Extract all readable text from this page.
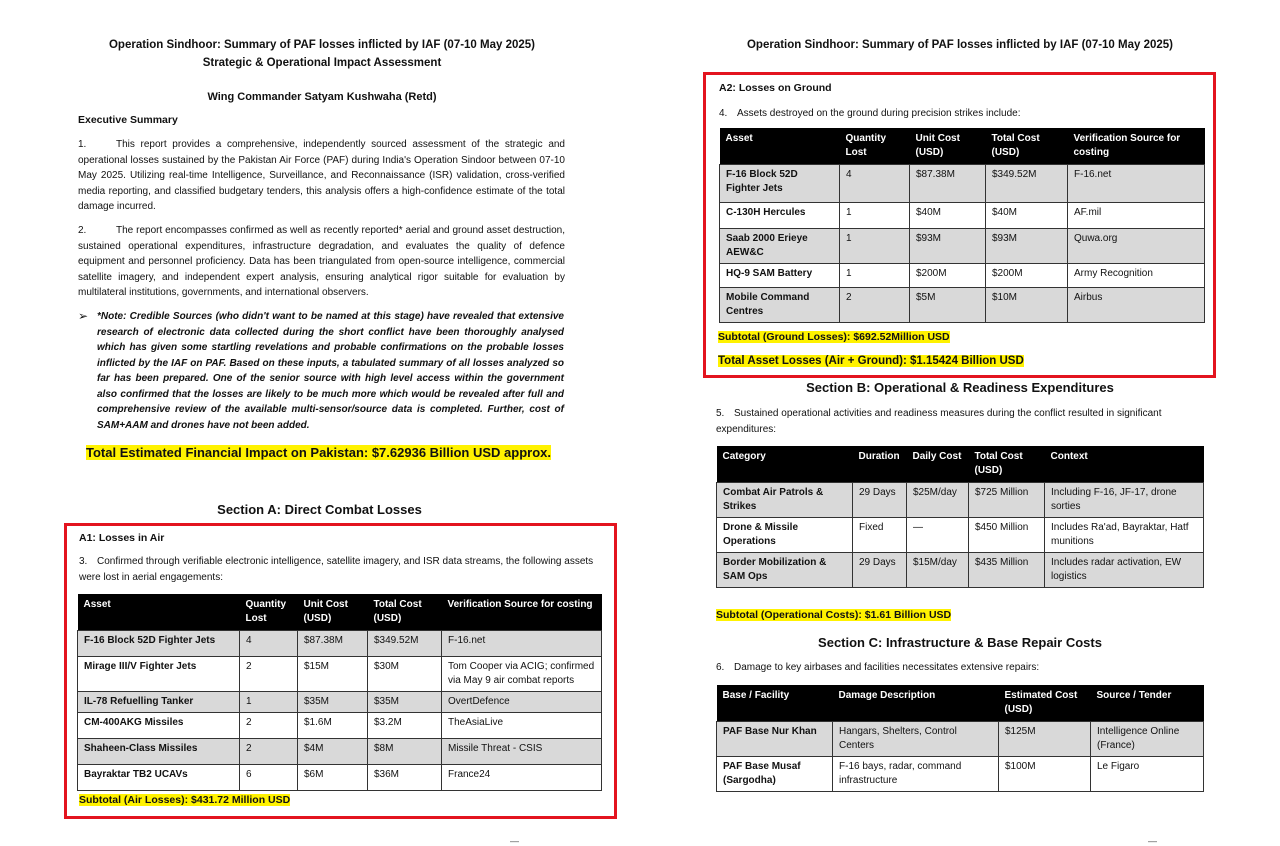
Operation Sindhoor: Summary of PAF losses inflicted by IAF (07-10 May 2025)
Strategic & Operational Impact Assessment
Wing Commander Satyam Kushwaha (Retd)
Executive Summary
1.	This report provides a comprehensive, independently sourced assessment of the strategic and operational losses sustained by the Pakistan Air Force (PAF) during India's Operation Sindoor between 07-10 May 2025. Utilizing real-time Intelligence, Surveillance, and Reconnaissance (ISR) validation, cross-verified media reporting, and classified budgetary tenders, this analysis offers a high-confidence estimate of the total damage incurred.
2.	The report encompasses confirmed as well as recently reported* aerial and ground asset destruction, sustained operational expenditures, infrastructure degradation, and evaluates the quality of defence equipment and personnel proficiency. Data has been triangulated from open-source intelligence, commercial satellite imagery, and independent expert analysis, ensuring analytical rigor suitable for evaluation by multilateral institutions, governments, and international observers.
➢ *Note: Credible Sources (who didn't want to be named at this stage) have revealed that extensive research of electronic data collected during the short conflict have been thoroughly analysed which has given some startling revelations and probable confirmations on the probable losses inflicted by the IAF on PAF. Based on these inputs, a tabulated summary of all losses analyzed so far has been prepared. One of the senior source with high level access within the government also confirmed that the losses are likely to be much more which would be revealed after full and comprehensive review of the available multi-sensor/source data is completed. Further, cost of SAM+AAM and drones have not been added.
Total Estimated Financial Impact on Pakistan: $7.62936 Billion USD approx.
Section A: Direct Combat Losses
A1: Losses in Air
3. Confirmed through verifiable electronic intelligence, satellite imagery, and ISR data streams, the following assets were lost in aerial engagements:
Asset	Quantity Lost	Unit Cost (USD)	Total Cost (USD)	Verification Source for costing
F-16 Block 52D Fighter Jets	4	$87.38M	$349.52M	F-16.net
Mirage III/V Fighter Jets	2	$15M	$30M	Tom Cooper via ACIG; confirmed via May 9 air combat reports
IL-78 Refuelling Tanker	1	$35M	$35M	OvertDefence
CM-400AKG Missiles	2	$1.6M	$3.2M	TheAsiaLive
Shaheen-Class Missiles	2	$4M	$8M	Missile Threat - CSIS
Bayraktar TB2 UCAVs	6	$6M	$36M	France24
Subtotal (Air Losses): $431.72 Million USD
—
Operation Sindhoor: Summary of PAF losses inflicted by IAF (07-10 May 2025)
A2: Losses on Ground
4. Assets destroyed on the ground during precision strikes include:
Asset	Quantity Lost	Unit Cost (USD)	Total Cost (USD)	Verification Source for costing
F-16 Block 52D Fighter Jets	4	$87.38M	$349.52M	F-16.net
C-130H Hercules	1	$40M	$40M	AF.mil
Saab 2000 Erieye AEW&C	1	$93M	$93M	Quwa.org
HQ-9 SAM Battery	1	$200M	$200M	Army Recognition
Mobile Command Centres	2	$5M	$10M	Airbus
Subtotal (Ground Losses): $692.52Million USD
Total Asset Losses (Air + Ground): $1.15424 Billion USD
Section B: Operational & Readiness Expenditures
5. Sustained operational activities and readiness measures during the conflict resulted in significant expenditures:
Category	Duration	Daily Cost	Total Cost (USD)	Context
Combat Air Patrols & Strikes	29 Days	$25M/day	$725 Million	Including F-16, JF-17, drone sorties
Drone & Missile Operations	Fixed	—	$450 Million	Includes Ra'ad, Bayraktar, Hatf munitions
Border Mobilization & SAM Ops	29 Days	$15M/day	$435 Million	Includes radar activation, EW logistics
Subtotal (Operational Costs): $1.61 Billion USD
Section C: Infrastructure & Base Repair Costs
6. Damage to key airbases and facilities necessitates extensive repairs:
Base / Facility	Damage Description	Estimated Cost (USD)	Source / Tender
PAF Base Nur Khan	Hangars, Shelters, Control Centers	$125M	Intelligence Online (France)
PAF Base Musaf (Sargodha)	F-16 bays, radar, command infrastructure	$100M	Le Figaro
—
